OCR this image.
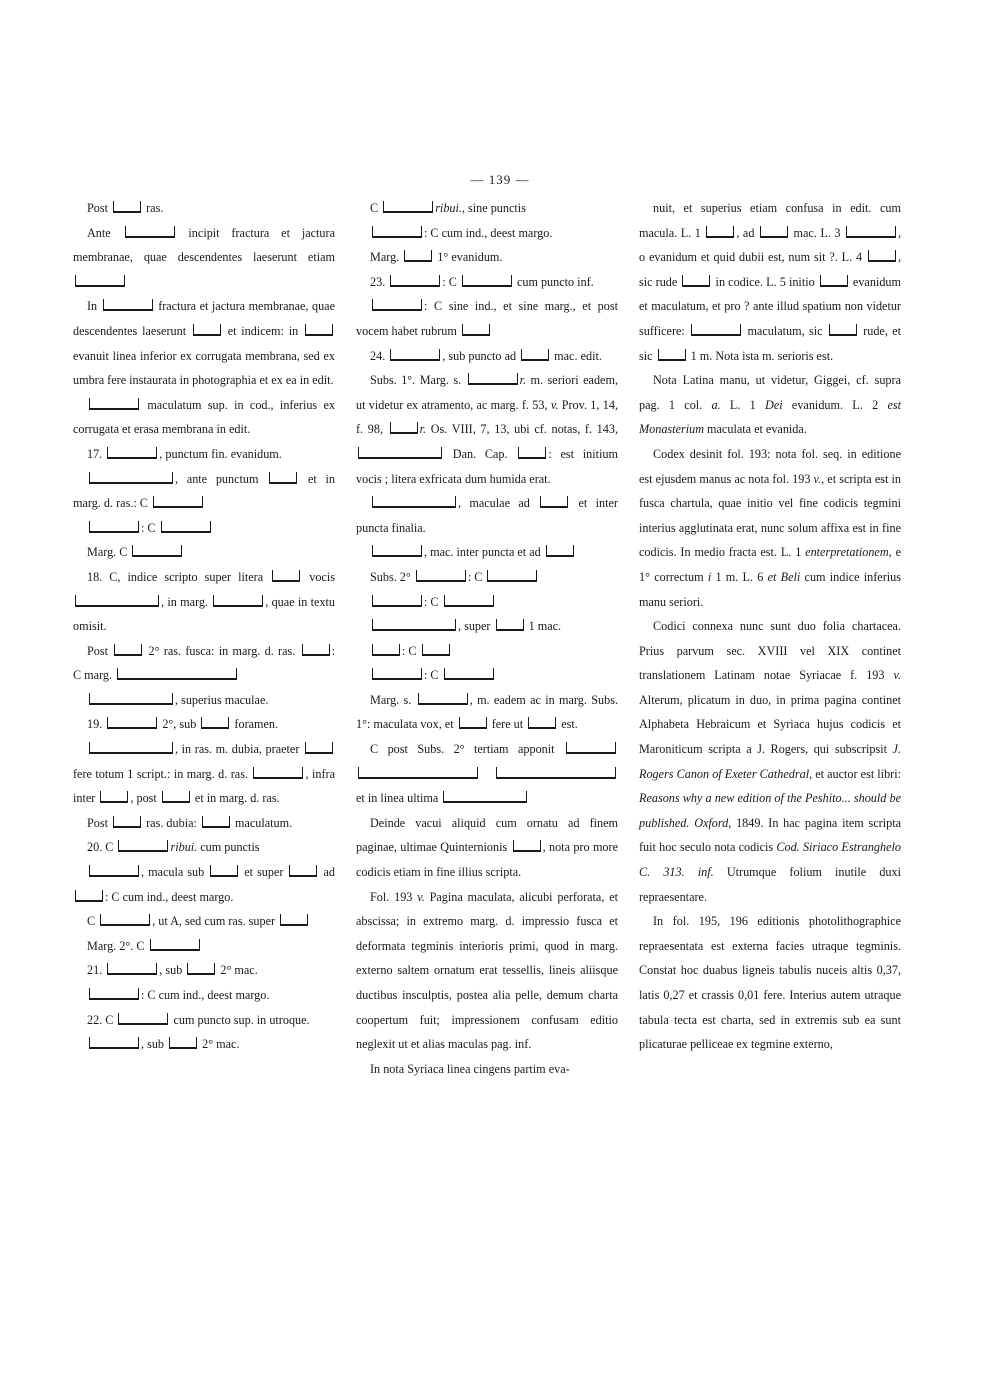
— 139 —

Post	ras.

Ante	incipit fractura et jactura membranae, quae descendentes laeserunt etiam

In	fractura et jactura membranae, quae descendentes laeserunt	et indicem: in  evanuit linea inferior ex corrugata membrana, sed ex umbra fere instaurata in photographia et ex ea in edit.

maculatum sup. in cod., inferius ex corrugata et erasa membrana in edit.

17.	, punctum fin. evanidum.

, ante punctum	et in marg. d. ras.: C

: C

Marg. C

18. C, indice scripto super litera	vocis , in marg.	, quae in textu omisit.

Post	2° ras. fusca: in marg. d. ras.	: C marg.

, superius maculae.

19.	2°, sub	foramen.

, in ras. m. dubia, praeter  fere totum 1 script.: in marg. d. ras.	, infra inter	, post	et in marg. d. ras.

Post	ras. dubia:	maculatum.

20. C	ribui. cum punctis

, macula sub	et super	ad : C cum ind., deest margo.

C	, ut A, sed cum ras. super

Marg. 2°. C

21.	, sub	2° mac.

: C cum ind., deest margo.

22. C	cum puncto sup. in utroque.

, sub	2° mac.

C	ribui., sine punctis

: C cum ind., deest margo.

Marg.	1° evanidum.

23.	: C	cum puncto inf.

: C sine ind., et sine marg., et post vocem habet rubrum

24.	, sub puncto ad	mac. edit.

Subs. 1°. Marg. s.	r. m. seriori eadem, ut videtur ex atramento, ac marg. f. 53, v. Prov. 1, 14, f. 98,	r. Os. VIII, 7, 13, ubi cf. notas, f. 143,  Dan. Cap.	: est initium vocis ; litera exfricata dum humida erat.

, maculae ad	et inter puncta finalia.

, mac. inter puncta et ad

Subs. 2°	: C

: C

, super	1 mac.

: C

: C

Marg. s.	, m. eadem ac in marg. Subs. 1°: maculata vox, et	fere ut	est.

C post Subs. 2° tertiam apponit    et in linea ultima

Deinde vacui aliquid cum ornatu ad finem paginae, ultimae Quinternionis	, nota pro more codicis etiam in fine illius scripta.

Fol. 193 v. Pagina maculata, alicubi perforata, et abscissa; in extremo marg. d. impressio fusca et deformata tegminis interioris primi, quod in marg. externo saltem ornatum erat tessellis, lineis aliisque ductibus insculptis, postea alia pelle, demum charta coopertum fuit; impressionem confusam editio neglexit ut et alias maculas pag. inf.

In nota Syriaca linea cingens partim eva-

nuit, et superius etiam confusa in edit. cum macula. L. 1	, ad	mac. L. 3	, o evanidum et quid dubii est, num sit ?. L. 4	, sic rude	in codice. L. 5 initio	evanidum et maculatum, et pro ? ante illud spatium non videtur sufficere:	maculatum, sic	rude, et sic	1 m. Nota ista m. serioris est.

Nota Latina manu, ut videtur, Giggei, cf. supra pag. 1 col. a. L. 1 Dei evanidum. L. 2 est Monasterium maculata et evanida.

Codex desinit fol. 193: nota fol. seq. in editione est ejusdem manus ac nota fol. 193 v., et scripta est in fusca chartula, quae initio vel fine codicis tegmini interius agglutinata erat, nunc solum affixa est in fine codicis. In medio fracta est. L. 1 enterpretationem, e 1° correctum i 1 m. L. 6 et Beli cum indice inferius manu seriori.

Codici connexa nunc sunt duo folia chartacea. Prius parvum sec. XVIII vel XIX continet translationem Latinam notae Syriacae f. 193 v. Alterum, plicatum in duo, in prima pagina continet Alphabeta Hebraicum et Syriaca hujus codicis et Maroniticum scripta a J. Rogers, qui subscripsit J. Rogers Canon of Exeter Cathedral, et auctor est libri: Reasons why a new edition of the Peshito... should be published. Oxford, 1849. In hac pagina item scripta fuit hoc seculo nota codicis Cod. Siriaco Estranghelo C. 313. inf. Utrumque folium inutile duxi repraesentare.

In fol. 195, 196 editionis photolithographice repraesentata est externa facies utraque tegminis. Constat hoc duabus ligneis tabulis nuceis altis 0,37, latis 0,27 et crassis 0,01 fere. Interius autem utraque tabula tecta est charta, sed in extremis sub ea sunt plicaturae pelliceae ex tegmine externo,
